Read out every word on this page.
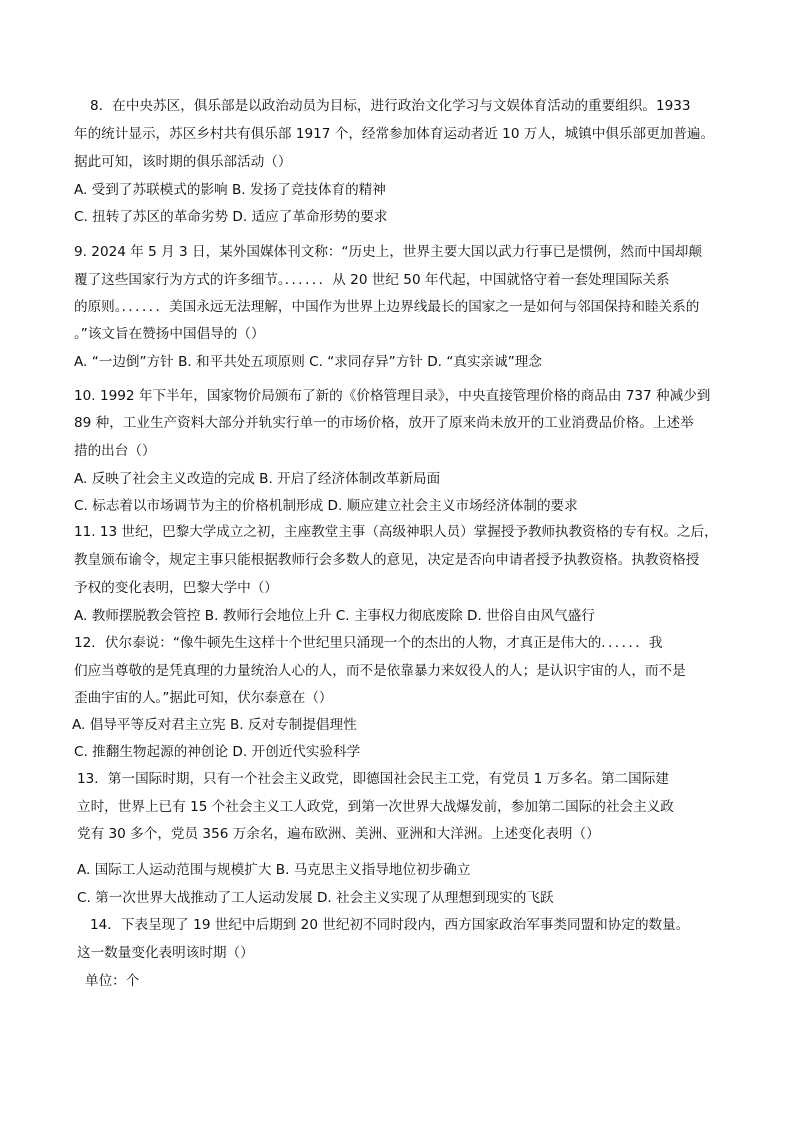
8．在中央苏区，俱乐部是以政治动员为目标，进行政治文化学习与文娱体育活动的重要组织。1933
年的统计显示，苏区乡村共有俱乐部 1917 个，经常参加体育运动者近 10 万人，城镇中俱乐部更加普遍。
据此可知，该时期的俱乐部活动（）
A. 受到了苏联模式的影响 B. 发扬了竞技体育的精神
C. 扭转了苏区的革命劣势 D. 适应了革命形势的要求
9. 2024 年 5 月 3 日，某外国媒体刊文称：“历史上，世界主要大国以武力行事已是惯例，然而中国却颠
覆了这些国家行为方式的许多细节。．．．．．．从 20 世纪 50 年代起，中国就恪守着一套处理国际关系
的原则。．．．．．．美国永远无法理解，中国作为世界上边界线最长的国家之一是如何与邻国保持和睦关系的
。”该文旨在赞扬中国倡导的（）
A. “一边倒”方针 B. 和平共处五项原则 C. “求同存异”方针 D. “真实亲诚”理念
10. 1992 年下半年，国家物价局颁布了新的《价格管理目录》，中央直接管理价格的商品由 737 种减少到
89 种，工业生产资料大部分并轨实行单一的市场价格，放开了原来尚未放开的工业消费品价格。上述举
措的出台（）
A. 反映了社会主义改造的完成 B. 开启了经济体制改革新局面
C. 标志着以市场调节为主的价格机制形成 D. 顺应建立社会主义市场经济体制的要求
11. 13 世纪，巴黎大学成立之初，主座教堂主事（高级神职人员）掌握授予教师执教资格的专有权。之后，
教皇颁布谕令，规定主事只能根据教师行会多数人的意见，决定是否向申请者授予执教资格。执教资格授
予权的变化表明，巴黎大学中（）
A. 教师摆脱教会管控 B. 教师行会地位上升 C. 主事权力彻底废除 D. 世俗自由风气盛行
12．伏尔泰说：“像牛顿先生这样十个世纪里只涌现一个的杰出的人物，才真正是伟大的．．．．．．我
们应当尊敬的是凭真理的力量统治人心的人，而不是依靠暴力来奴役人的人；是认识宇宙的人，而不是
歪曲宇宙的人。”据此可知，伏尔泰意在（）
A. 倡导平等反对君主立宪 B. 反对专制提倡理性
C. 推翻生物起源的神创论 D. 开创近代实验科学
13．第一国际时期，只有一个社会主义政党，即德国社会民主工党，有党员 1 万多名。第二国际建
立时，世界上已有 15 个社会主义工人政党，到第一次世界大战爆发前，参加第二国际的社会主义政
党有 30 多个，党员 356 万余名，遍布欧洲、美洲、亚洲和大洋洲。上述变化表明（）
A. 国际工人运动范围与规模扩大 B. 马克思主义指导地位初步确立
C. 第一次世界大战推动了工人运动发展 D. 社会主义实现了从理想到现实的飞跃
14．下表呈现了 19 世纪中后期到 20 世纪初不同时段内，西方国家政治军事类同盟和协定的数量。
这一数量变化表明该时期（）
单位：个
